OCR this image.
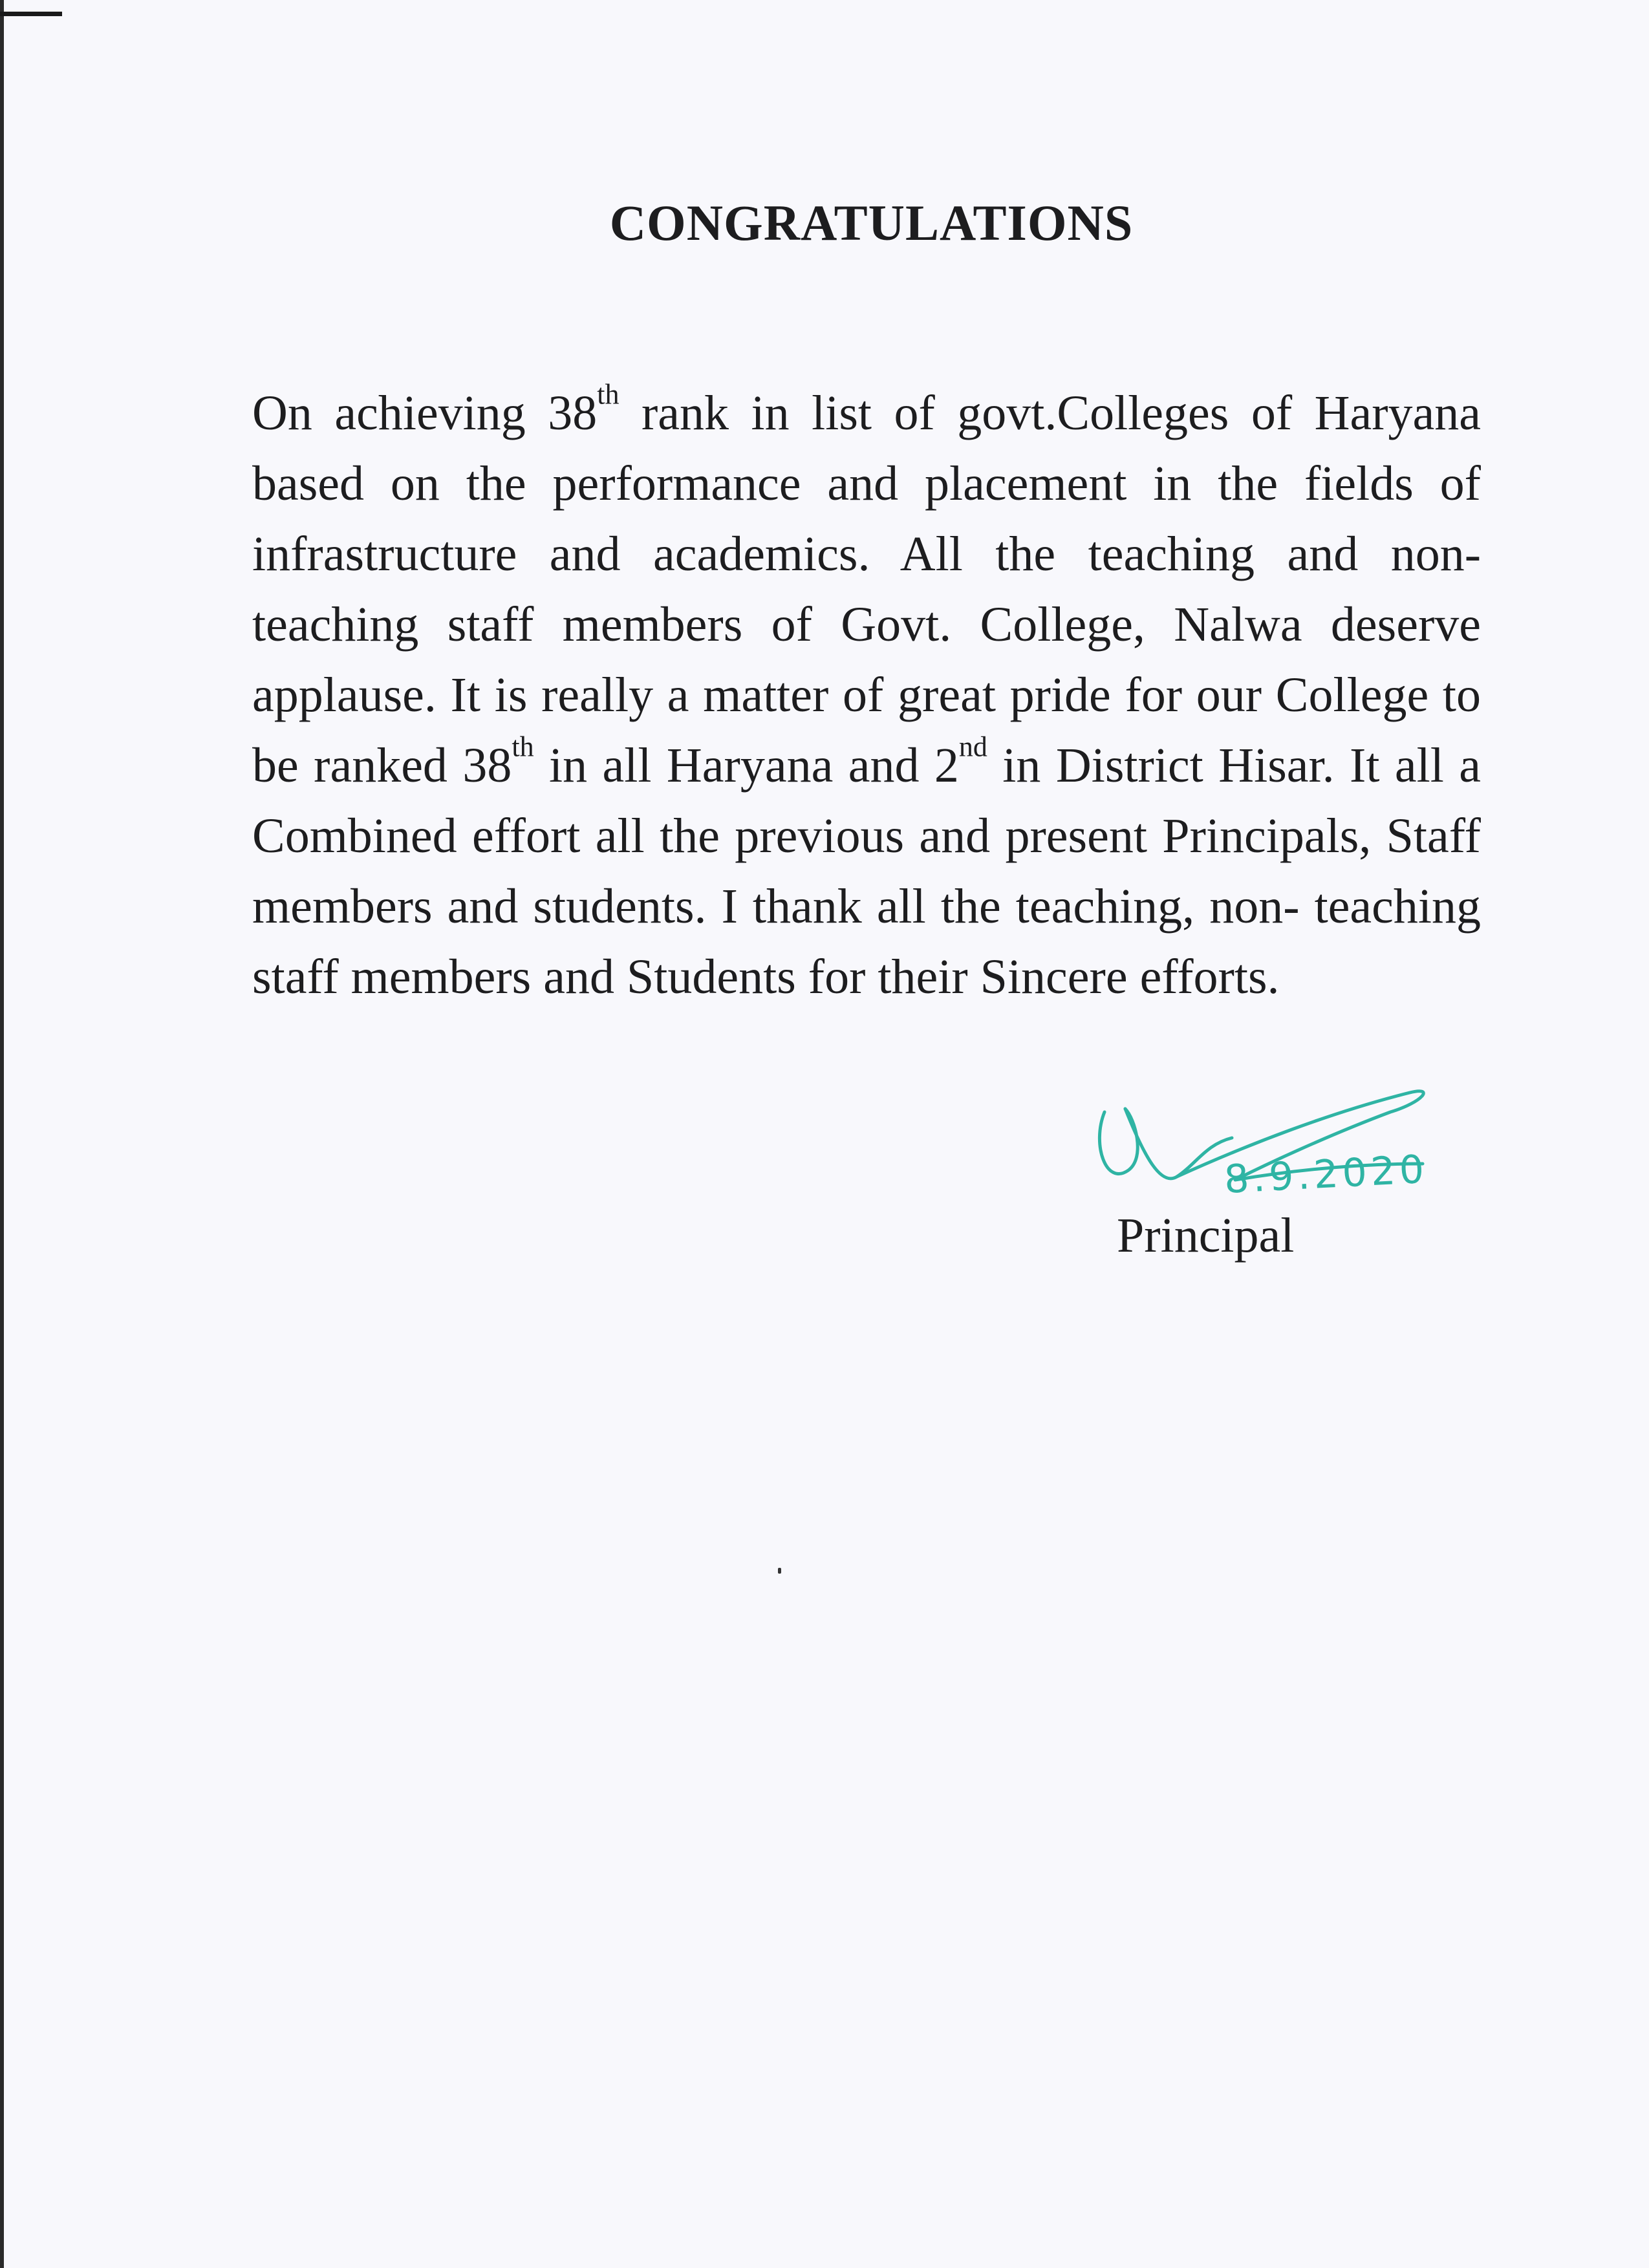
CONGRATULATIONS

On achieving 38th rank in list of govt.Colleges of Haryana based on the performance and placement in the fields of infrastructure and academics. All the teaching and non-teaching staff members of Govt. College, Nalwa deserve applause. It is really a matter of great pride for our College to be ranked 38th in all Haryana and 2nd in District Hisar. It all a Combined effort all the previous and present Principals, Staff members and students. I thank all the teaching, non- teaching staff members and Students for their Sincere efforts.

8.9.2020

Principal
